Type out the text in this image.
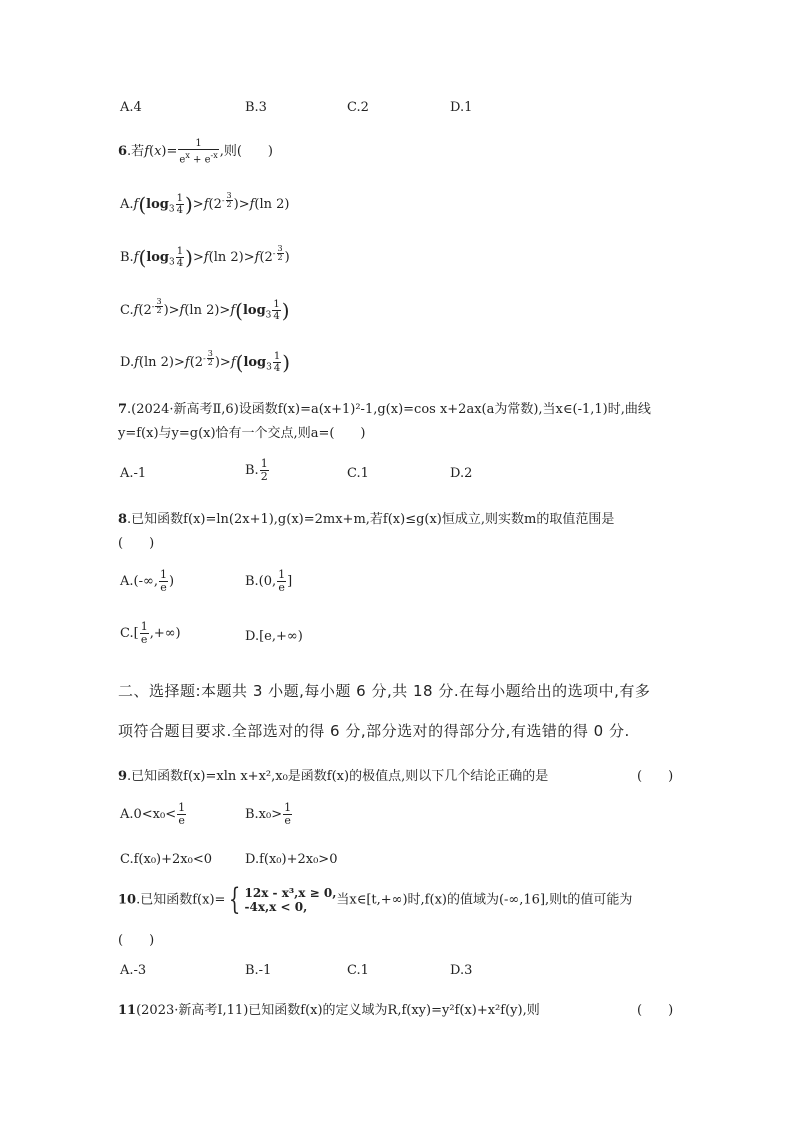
A.4	B.3	C.2	D.1
6.若$f(x)= \frac{1}{e^x + e^{-x}}$ ,则(　　)
$A.f(\log_3 \frac{1}{4} )>f(2^{- \frac{3}{2}}$ )>f(ln 2)
$B.f(\log_3 \frac{1}{4} )>f(\ln$ $2)>f(2^{- \frac{3}{2}}$ )
$C.f(2^{- \frac{3}{2}}$ )>f(ln $2)>f(\log_3 \frac{1}{4}$ )
D.f(ln $2)>f(2^{- \frac{3}{2}}$ )$>f(\log_3 \frac{1}{4}$ )
7.(2024·新高考Ⅱ,6)设函数f(x)=a(x+1)²-1,g(x)=cos x+2ax(a为常数),当x∈(-1,1)时,曲线
y=f(x)与y=g(x)恰有一个交点,则a=(　　)
A.-1	B. $\frac{1}{2}$	C.1	D.2
8.已知函数f(x)=ln(2x+1),g(x)=2mx+m,若f(x)≤g(x)恒成立,则实数m的取值范围是
(　　)
A.(-∞, $\frac{1}{e}$ )	B.(0, $\frac{1}{e}$ ]
$C.[ \frac{1}{e}$ ,+∞)	D.[e,+∞)
二、选择题:本题共 3 小题,每小题 6 分,共 18 分.在每小题给出的选项中,有多
项符合题目要求.全部选对的得 6 分,部分选对的得部分分,有选错的得 0 分.
9.已知函数f(x)=xln x+x²,x₀是函数f(x)的极值点,则以下几个结论正确的是	(　　)
$A.0<x_0< \frac{1}{e}$	$B.x_0> \frac{1}{e}$
C.f(x₀)+2x₀<0	D.f(x₀)+2x₀>0
10.已知函数f(x)= { 12x - x³,x ≥ 0,
-4x,x < 0,	当x∈[t,+∞)时,f(x)的值域为(-∞,16],则t的值可能为
(　　)
A.-3	B.-1	C.1	D.3
11(2023·新高考Ⅰ,11)已知函数f(x)的定义域为R,f(xy)=y²f(x)+x²f(y),则	(　　)
